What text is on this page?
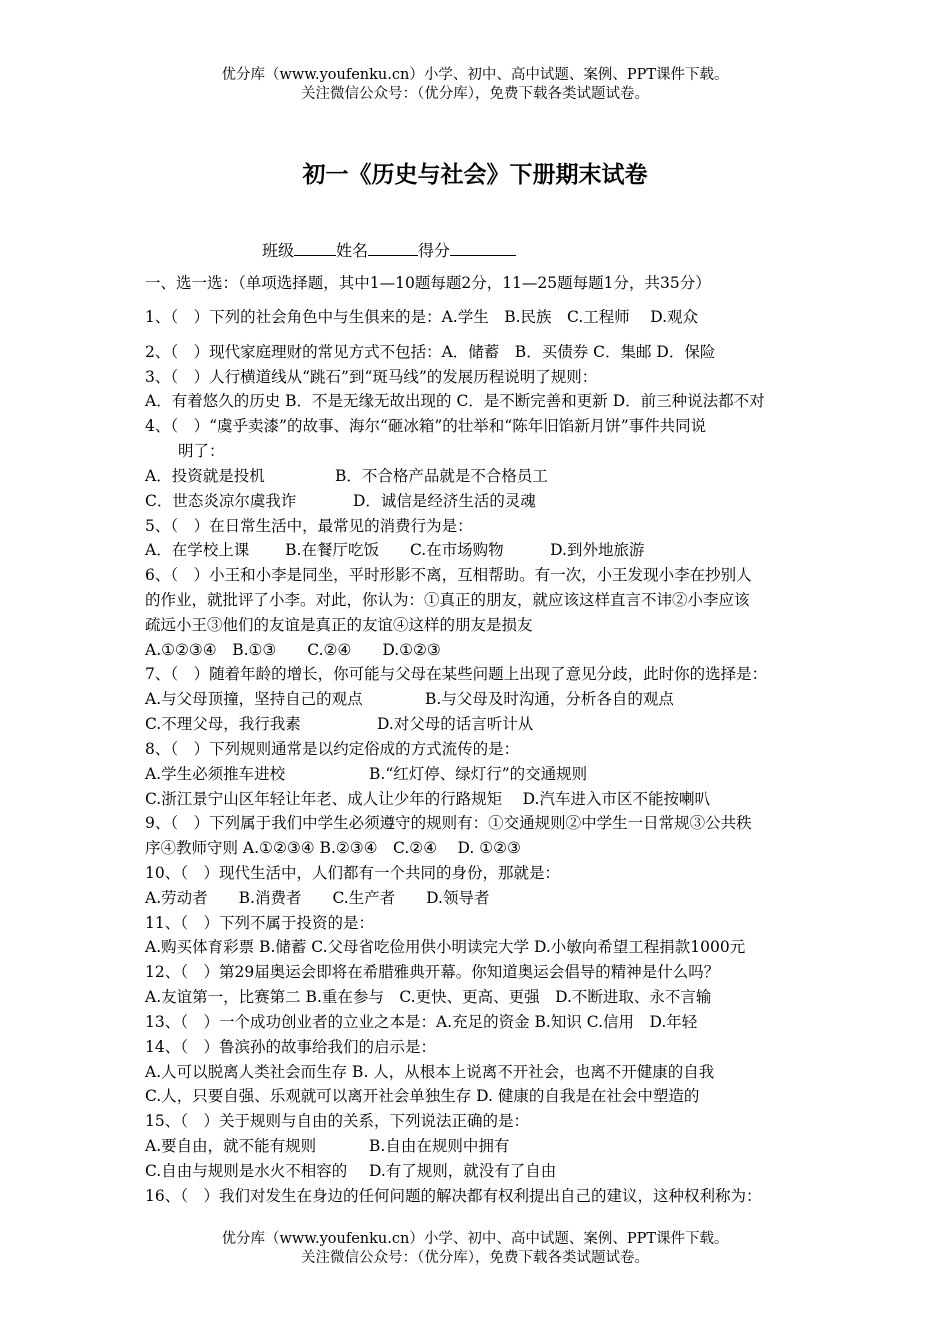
优分库（www.youfenku.cn）小学、初中、高中试题、案例、PPT课件下载。
关注微信公众号：（优分库），免费下载各类试题试卷。
初一《历史与社会》下册期末试卷
班级	姓名	得分
一、选一选：（单项选择题，其中1—10题每题2分，11—25题每题1分，共35分）
1、（　）下列的社会角色中与生俱来的是：A.学生　B.民族　C.工程师　 D.观众
2、（　）现代家庭理财的常见方式不包括：A．储蓄　B．买债券 C．集邮 D．保险
3、（　）人行横道线从“跳石”到“斑马线”的发展历程说明了规则：
A．有着悠久的历史 B．不是无缘无故出现的 C．是不断完善和更新 D．前三种说法都不对
4、（　）“虞乎卖漆”的故事、海尔“砸冰箱”的壮举和“陈年旧馅新月饼”事件共同说
明了：
A．投资就是投机	B．不合格产品就是不合格员工
C．世态炎凉尔虞我诈	D．诚信是经济生活的灵魂
5、（　）在日常生活中，最常见的消费行为是：
A．在学校上课　　 B.在餐厅吃饭　　C.在市场购物　　　D.到外地旅游
6、（　）小王和小李是同坐，平时形影不离，互相帮助。有一次，小王发现小李在抄别人
的作业，就批评了小李。对此，你认为：①真正的朋友，就应该这样直言不讳②小李应该
疏远小王③他们的友谊是真正的友谊④这样的朋友是损友
A.①②③④　B.①③　　C.②④　　D.①②③
7、（　）随着年龄的增长，你可能与父母在某些问题上出现了意见分歧，此时你的选择是：
A.与父母顶撞，坚持自己的观点	B.与父母及时沟通，分析各自的观点
C.不理父母，我行我素	D.对父母的话言听计从
8、（　）下列规则通常是以约定俗成的方式流传的是：
A.学生必须推车进校	B.“红灯停、绿灯行”的交通规则
C.浙江景宁山区年轻让年老、成人让少年的行路规矩　 D.汽车进入市区不能按喇叭
9、（　）下列属于我们中学生必须遵守的规则有：①交通规则②中学生一日常规③公共秩
序④教师守则 A.①②③④ B.②③④　C.②④　 D. ①②③
10、（　）现代生活中，人们都有一个共同的身份，那就是：
A.劳动者　　B.消费者　　C.生产者　　D.领导者
11、（　）下列不属于投资的是：
A.购买体育彩票 B.储蓄 C.父母省吃俭用供小明读完大学 D.小敏向希望工程捐款1000元
12、（　）第29届奥运会即将在希腊雅典开幕。你知道奥运会倡导的精神是什么吗？
A.友谊第一，比赛第二 B.重在参与　C.更快、更高、更强　D.不断进取、永不言输
13、（　）一个成功创业者的立业之本是：A.充足的资金 B.知识 C.信用　D.年轻
14、（　）鲁滨孙的故事给我们的启示是：
A.人可以脱离人类社会而生存 B. 人，从根本上说离不开社会，也离不开健康的自我
C.人，只要自强、乐观就可以离开社会单独生存 D. 健康的自我是在社会中塑造的
15、（　）关于规则与自由的关系，下列说法正确的是：
A.要自由，就不能有规则	B.自由在规则中拥有
C.自由与规则是水火不相容的 D.有了规则，就没有了自由
16、（　）我们对发生在身边的任何问题的解决都有权利提出自己的建议，这种权利称为：
优分库（www.youfenku.cn）小学、初中、高中试题、案例、PPT课件下载。
关注微信公众号：（优分库），免费下载各类试题试卷。
